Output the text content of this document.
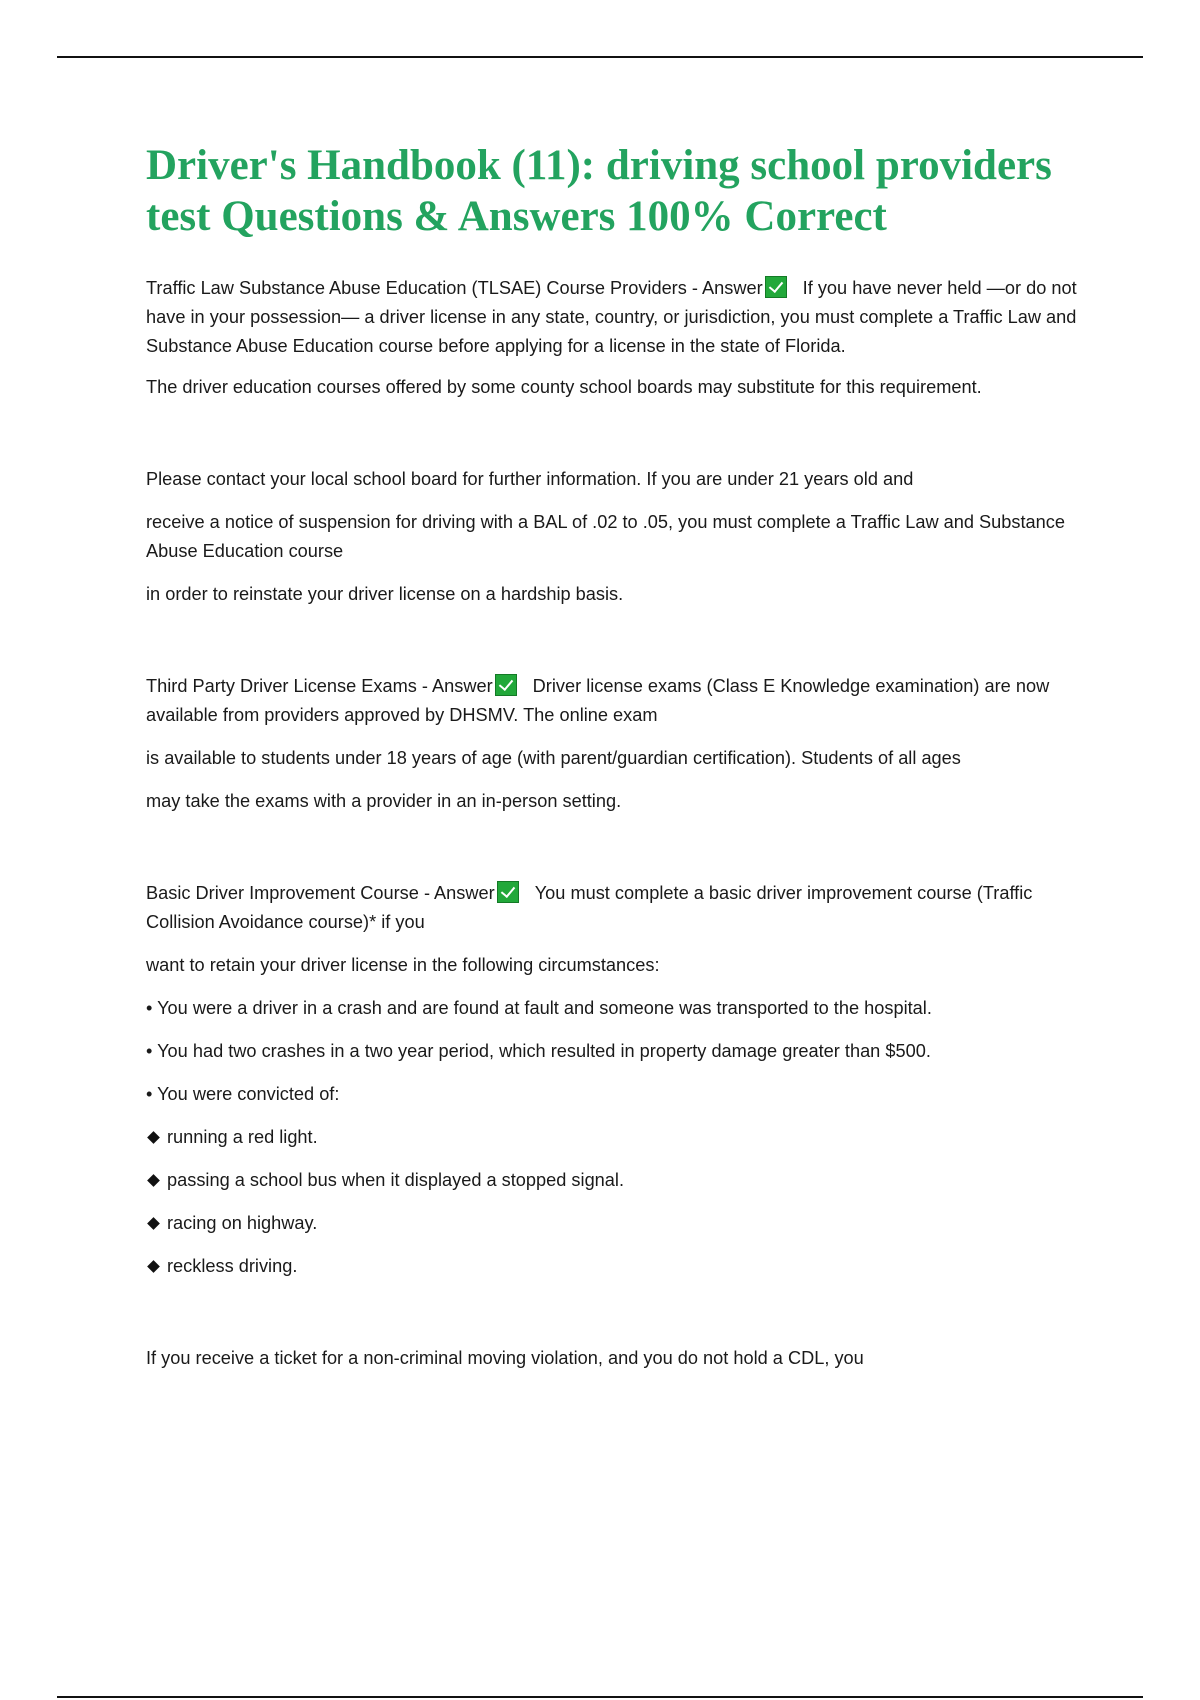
Driver's Handbook (11): driving school providers test Questions & Answers 100% Correct

Traffic Law Substance Abuse Education (TLSAE) Course Providers - Answer If you have never held —or do not have in your possession— a driver license in any state, country, or jurisdiction, you must complete a Traffic Law and Substance Abuse Education course before applying for a license in the state of Florida.

The driver education courses offered by some county school boards may substitute for this requirement.

Please contact your local school board for further information. If you are under 21 years old and

receive a notice of suspension for driving with a BAL of .02 to .05, you must complete a Traffic Law and Substance Abuse Education course

in order to reinstate your driver license on a hardship basis.

Third Party Driver License Exams - Answer Driver license exams (Class E Knowledge examination) are now available from providers approved by DHSMV. The online exam

is available to students under 18 years of age (with parent/guardian certification). Students of all ages

may take the exams with a provider in an in-person setting.

Basic Driver Improvement Course - Answer You must complete a basic driver improvement course (Traffic Collision Avoidance course)* if you

want to retain your driver license in the following circumstances:

• You were a driver in a crash and are found at fault and someone was transported to the hospital.

• You had two crashes in a two year period, which resulted in property damage greater than $500.

• You were convicted of:

running a red light.

passing a school bus when it displayed a stopped signal.

racing on highway.

reckless driving.

If you receive a ticket for a non-criminal moving violation, and you do not hold a CDL, you
